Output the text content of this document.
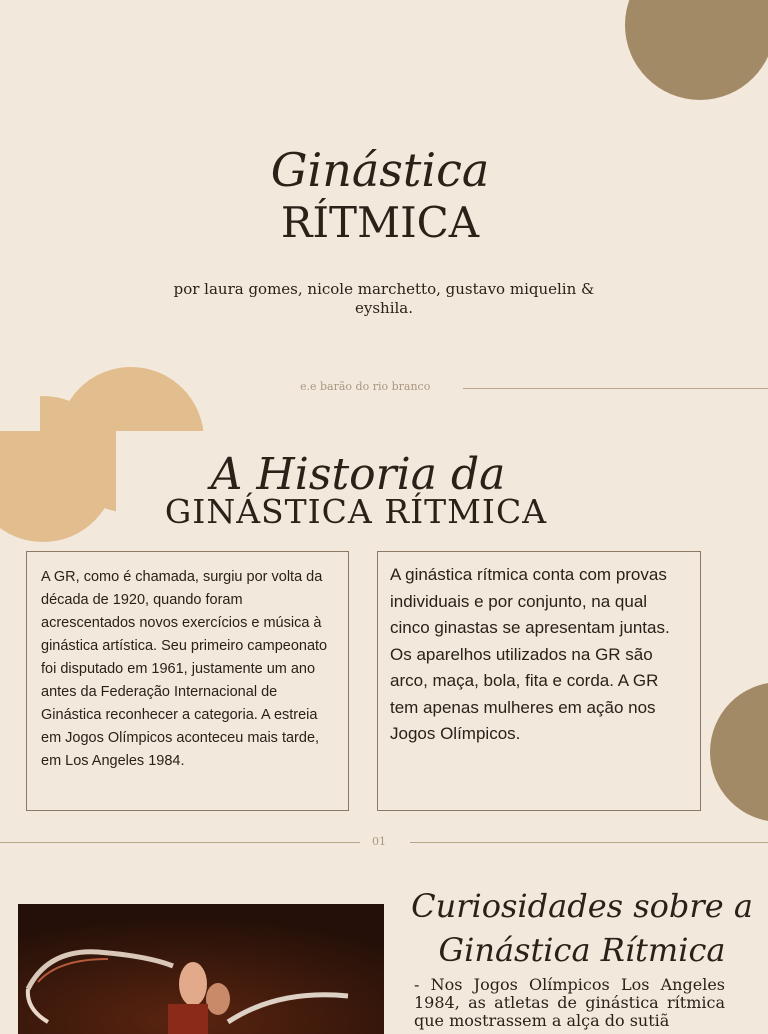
Ginástica
RÍTMICA
por laura gomes, nicole marchetto, gustavo miquelin & eyshila.
e.e barão do rio branco
A Historia da
GINÁSTICA RÍTMICA
A GR, como é chamada, surgiu por volta da década de 1920, quando foram acrescentados novos exercícios e música à ginástica artística. Seu primeiro campeonato foi disputado em 1961, justamente um ano antes da Federação Internacional de Ginástica reconhecer a categoria. A estreia em Jogos Olímpicos aconteceu mais tarde, em Los Angeles 1984.
A ginástica rítmica conta com provas individuais e por conjunto, na qual cinco ginastas se apresentam juntas. Os aparelhos utilizados na GR são arco, maça, bola, fita e corda. A GR tem apenas mulheres em ação nos Jogos Olímpicos.
01
Curiosidades sobre a
Ginástica Rítmica
- Nos Jogos Olímpicos Los Angeles 1984, as atletas de ginástica rítmica que mostrassem a alça do sutiã
